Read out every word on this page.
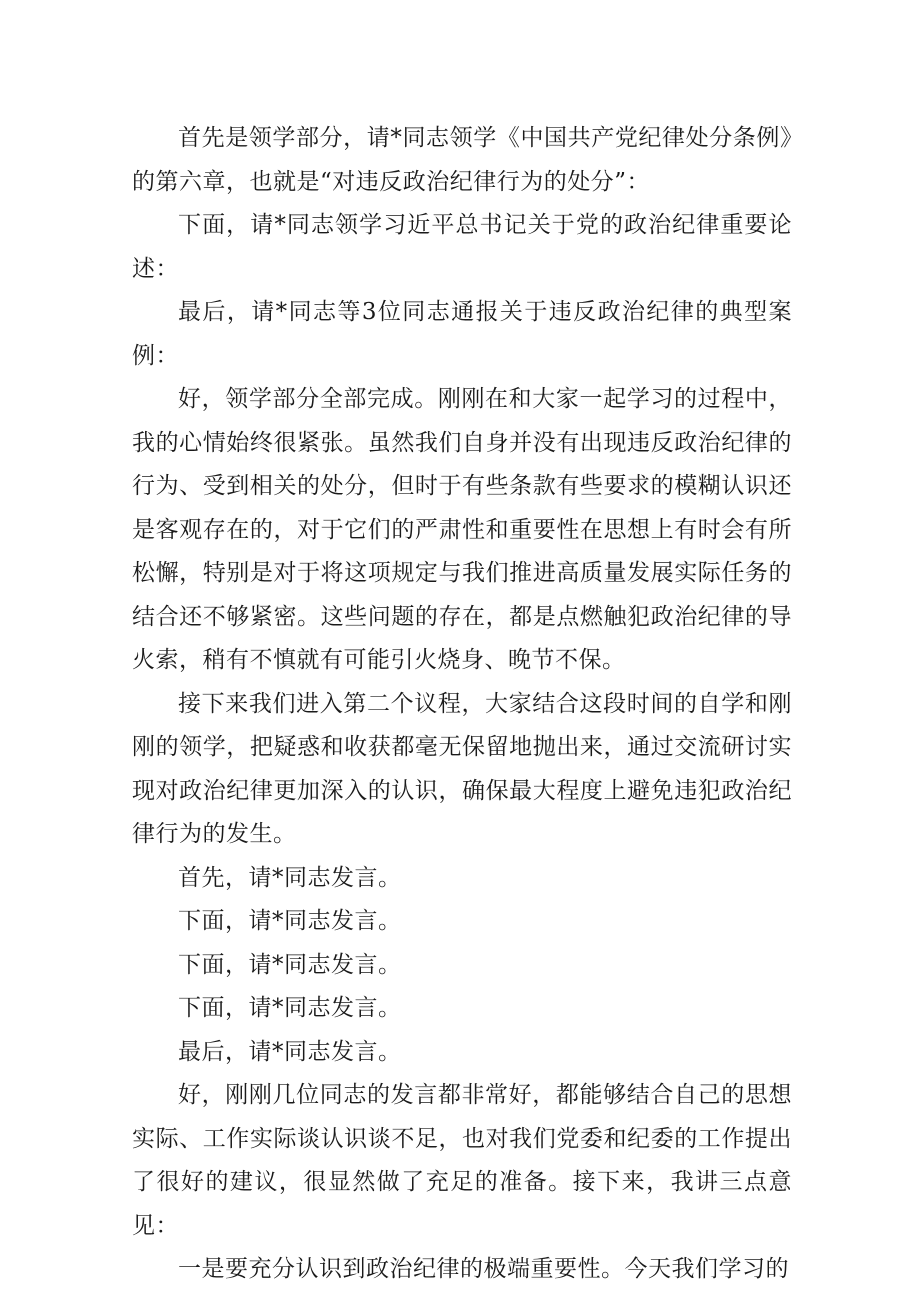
首先是领学部分，请*同志领学《中国共产党纪律处分条例》的第六章，也就是“对违反政治纪律行为的处分”：

下面，请*同志领学习近平总书记关于党的政治纪律重要论述：

最后，请*同志等3位同志通报关于违反政治纪律的典型案例：

好，领学部分全部完成。刚刚在和大家一起学习的过程中，我的心情始终很紧张。虽然我们自身并没有出现违反政治纪律的行为、受到相关的处分，但时于有些条款有些要求的模糊认识还是客观存在的，对于它们的严肃性和重要性在思想上有时会有所松懈，特别是对于将这项规定与我们推进高质量发展实际任务的结合还不够紧密。这些问题的存在，都是点燃触犯政治纪律的导火索，稍有不慎就有可能引火烧身、晚节不保。

接下来我们进入第二个议程，大家结合这段时间的自学和刚刚的领学，把疑惑和收获都毫无保留地抛出来，通过交流研讨实现对政治纪律更加深入的认识，确保最大程度上避免违犯政治纪律行为的发生。

首先，请*同志发言。

下面，请*同志发言。

下面，请*同志发言。

下面，请*同志发言。

最后，请*同志发言。

好，刚刚几位同志的发言都非常好，都能够结合自己的思想实际、工作实际谈认识谈不足，也对我们党委和纪委的工作提出了很好的建议，很显然做了充足的准备。接下来，我讲三点意见：

一是要充分认识到政治纪律的极端重要性。今天我们学习的
